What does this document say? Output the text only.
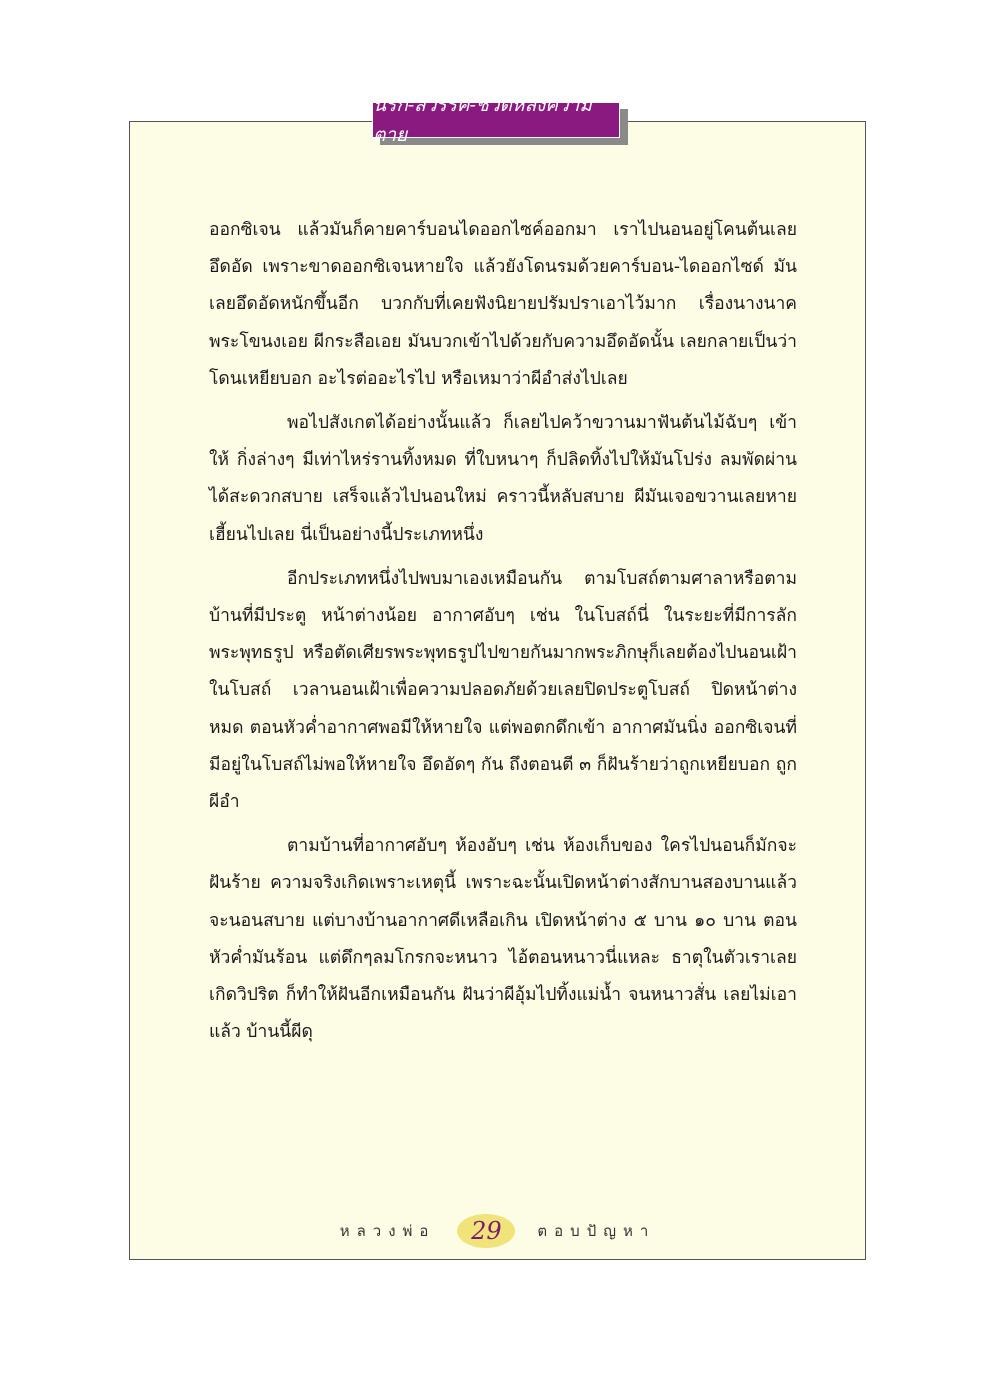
นรก-สวรรค์-ชีวิตหลังความตาย

ออกซิเจน แล้วมันก็คายคาร์บอนไดออกไซค์ออกมา เราไปนอนอยู่โคนต้นเลยอึดอัด เพราะขาดออกซิเจนหายใจ แล้วยังโดนรมด้วยคาร์บอน-ไดออกไซด์ มันเลยอึดอัดหนักขึ้นอีก บวกกับที่เคยฟังนิยายปรัมปราเอาไว้มาก เรื่องนางนาคพระโขนงเอย ผีกระสือเอย มันบวกเข้าไปด้วยกับความอึดอัดนั้น เลยกลายเป็นว่าโดนเหยียบอก อะไรต่ออะไรไป หรือเหมาว่าผีอำส่งไปเลย

พอไปสังเกตได้อย่างนั้นแล้ว ก็เลยไปคว้าขวานมาฟันต้นไม้ฉับๆ เข้าให้ กิ่งล่างๆ มีเท่าไหร่รานทิ้งหมด ที่ใบหนาๆ ก็ปลิดทิ้งไปให้มันโปร่ง ลมพัดผ่านได้สะดวกสบาย เสร็จแล้วไปนอนใหม่ คราวนี้หลับสบาย ผีมันเจอขวานเลยหายเฮี้ยนไปเลย นี่เป็นอย่างนี้ประเภทหนึ่ง

อีกประเภทหนึ่งไปพบมาเองเหมือนกัน ตามโบสถ์ตามศาลาหรือตามบ้านที่มีประตู หน้าต่างน้อย อากาศอับๆ เช่น ในโบสถ์นี่ ในระยะที่มีการลักพระพุทธรูป หรือตัดเศียรพระพุทธรูปไปขายกันมากพระภิกษุก็เลยต้องไปนอนเฝ้าในโบสถ์ เวลานอนเฝ้าเพื่อความปลอดภัยด้วยเลยปิดประตูโบสถ์ ปิดหน้าต่างหมด ตอนหัวค่ำอากาศพอมีให้หายใจ แต่พอตกดึกเข้า อากาศมันนิ่ง ออกซิเจนที่มีอยู่ในโบสถ์ไม่พอให้หายใจ อึดอัดๆ กัน ถึงตอนตี ๓ ก็ฝันร้ายว่าถูกเหยียบอก ถูกผีอำ

ตามบ้านที่อากาศอับๆ ห้องอับๆ เช่น ห้องเก็บของ ใครไปนอนก็มักจะฝันร้าย ความจริงเกิดเพราะเหตุนี้ เพราะฉะนั้นเปิดหน้าต่างสักบานสองบานแล้วจะนอนสบาย แต่บางบ้านอากาศดีเหลือเกิน เปิดหน้าต่าง ๕ บาน ๑๐ บาน ตอนหัวค่ำมันร้อน แต่ดึกๆลมโกรกจะหนาว ไอ้ตอนหนาวนี่แหละ ธาตุในตัวเราเลยเกิดวิปริต ก็ทำให้ฝันอีกเหมือนกัน ฝันว่าผีอุ้มไปทิ้งแม่น้ำ จนหนาวสั่น เลยไม่เอาแล้ว บ้านนี้ผีดุ

หลวงพ่อ	29	ตอบปัญหา
